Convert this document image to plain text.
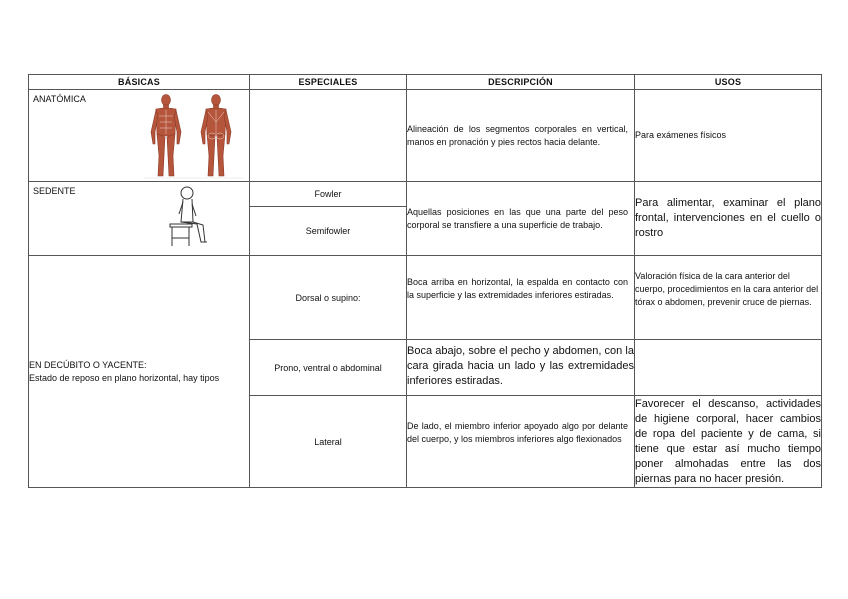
BÁSICAS	ESPECIALES	DESCRIPCIÓN	USOS

ANATÓMICA		Alineación de los segmentos corporales en vertical, manos en pronación y pies rectos hacia delante.	Para exámenes físicos

SEDENTE	Fowler	Aquellas posiciones en las que una parte del peso corporal se transfiere a una superficie de trabajo.	Para alimentar, examinar el plano frontal, intervenciones en el cuello o rostro
	Semifowler		

EN DECÚBITO O YACENTE:
Estado de reposo en plano horizontal, hay tipos	Dorsal o supino:	Boca arriba en horizontal, la espalda en contacto con la superficie y las extremidades inferiores estiradas.	Valoración física de la cara anterior del cuerpo, procedimientos en la cara anterior del tórax o abdomen, prevenir cruce de piernas.
	Prono, ventral o abdominal	Boca abajo, sobre el pecho y abdomen, con la cara girada hacia un lado y las extremidades inferiores estiradas.	
	Lateral	De lado, el miembro inferior apoyado algo por delante del cuerpo, y los miembros inferiores algo flexionados	Favorecer el descanso, actividades de higiene corporal, hacer cambios de ropa del paciente y de cama, si tiene que estar así mucho tiempo poner almohadas entre las dos piernas para no hacer presión.
